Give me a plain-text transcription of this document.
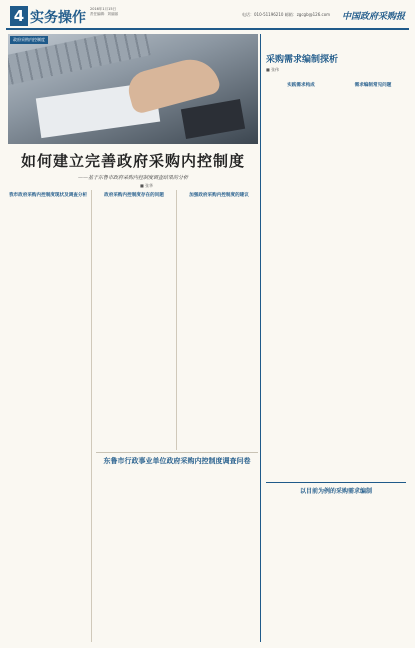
4 实务操作
2016年1月15日
责任编辑：刘丽丽	电话：010-51196210 邮箱：zgcgb@126.com 中国政府采购报
政府采购内控制度
如何建立完善政府采购内控制度
——基于东鲁市政府采购内控制度调查结果的分析
■ 张华
我市政府采购内控制度现状及调查分析	政府采购内控制度存在的问题	加强政府采购内控制度的建议
东鲁市行政事业单位政府采购内控制度调查问卷
采购需求编制探析
■ 张伟
实践需求构成	需求编制常见问题
以目前为例的采购需求编制
